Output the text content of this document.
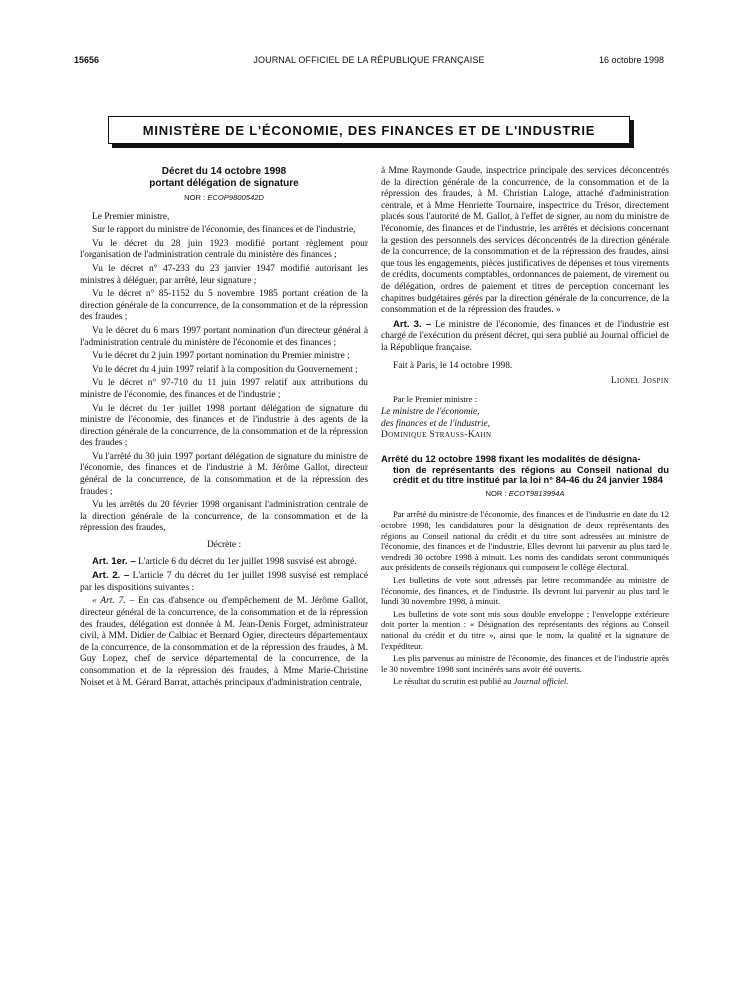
15656	JOURNAL OFFICIEL DE LA RÉPUBLIQUE FRANÇAISE	16 octobre 1998
MINISTÈRE DE L'ÉCONOMIE, DES FINANCES ET DE L'INDUSTRIE
Décret du 14 octobre 1998
portant délégation de signature
NOR : ECOP9800542D

Le Premier ministre,

Sur le rapport du ministre de l'économie, des finances et de l'industrie,

Vu le décret du 28 juin 1923 modifié portant règlement pour l'organisation de l'administration centrale du ministère des finances ;

Vu le décret n° 47-233 du 23 janvier 1947 modifié autorisant les ministres à déléguer, par arrêté, leur signature ;

Vu le décret n° 85-1152 du 5 novembre 1985 portant création de la direction générale de la concurrence, de la consommation et de la répression des fraudes ;

Vu le décret du 6 mars 1997 portant nomination d'un directeur général à l'administration centrale du ministère de l'économie et des finances ;

Vu le décret du 2 juin 1997 portant nomination du Premier ministre ;

Vu le décret du 4 juin 1997 relatif à la composition du Gouvernement ;

Vu le décret n° 97-710 du 11 juin 1997 relatif aux attributions du ministre de l'économie, des finances et de l'industrie ;

Vu le décret du 1er juillet 1998 portant délégation de signature du ministre de l'économie, des finances et de l'industrie à des agents de la direction générale de la concurrence, de la consommation et de la répression des fraudes ;

Vu l'arrêté du 30 juin 1997 portant délégation de signature du ministre de l'économie, des finances et de l'industrie à M. Jérôme Gallot, directeur général de la concurrence, de la consommation et de la répression des fraudes ;

Vu les arrêtés du 20 février 1998 organisant l'administration centrale de la direction générale de la concurrence, de la consommation et de la répression des fraudes,

Décrète :

Art. 1er. – L'article 6 du décret du 1er juillet 1998 susvisé est abrogé.

Art. 2. – L'article 7 du décret du 1er juillet 1998 susvisé est remplacé par les dispositions suivantes :

« Art. 7. – En cas d'absence ou d'empêchement de M. Jérôme Gallot, directeur général de la concurrence, de la consommation et de la répression des fraudes, délégation est donnée à M. Jean-Denis Forget, administrateur civil, à MM. Didier de Calbiac et Bernard Ogier, directeurs départementaux de la concurrence, de la consommation et de la répression des fraudes, à M. Guy Lopez, chef de service départemental de la concurrence, de la consommation et de la répression des fraudes, à Mme Marie-Christine Noiset et à M. Gérard Barrat, attachés principaux d'administration centrale,

à Mme Raymonde Gaude, inspectrice principale des services déconcentrés de la direction générale de la concurrence, de la consommation et de la répression des fraudes, à M. Christian Laloge, attaché d'administration centrale, et à Mme Henriette Tournaire, inspectrice du Trésor, directement placés sous l'autorité de M. Gallot, à l'effet de signer, au nom du ministre de l'économie, des finances et de l'industrie, les arrêtés et décisions concernant la gestion des personnels des services déconcentrés de la direction générale de la concurrence, de la consommation et de la répression des fraudes, ainsi que tous les engagements, pièces justificatives de dépenses et tous virements de crédits, documents comptables, ordonnances de paiement, de virement ou de délégation, ordres de paiement et titres de perception concernant les chapitres budgétaires gérés par la direction générale de la concurrence, de la consommation et de la répression des fraudes. »

Art. 3. – Le ministre de l'économie, des finances et de l'industrie est chargé de l'exécution du présent décret, qui sera publié au Journal officiel de la République française.

Fait à Paris, le 14 octobre 1998.

Lionel Jospin

Par le Premier ministre :

Le ministre de l'économie,

des finances et de l'industrie,

Dominique Strauss-Kahn

Arrêté du 12 octobre 1998 fixant les modalités de désigna-
tion de représentants des régions au Conseil national du crédit et du titre institué par la loi n° 84-46 du 24 janvier 1984
NOR : ECOT9813994A

Par arrêté du ministre de l'économie, des finances et de l'industrie en date du 12 octobre 1998, les candidatures pour la désignation de deux représentants des régions au Conseil national du crédit et du titre sont adressées au ministre de l'économie, des finances et de l'industrie. Elles devront lui parvenir au plus tard le vendredi 30 octobre 1998 à minuit. Les noms des candidats seront communiqués aux présidents de conseils régionaux qui composent le collège électoral.

Les bulletins de vote sont adressés par lettre recommandée au ministre de l'économie, des finances, et de l'industrie. Ils devront lui parvenir au plus tard le lundi 30 novembre 1998, à minuit.

Les bulletins de vote sont mis sous double enveloppe ; l'enveloppe extérieure doit porter la mention : « Désignation des représentants des régions au Conseil national du crédit et du titre », ainsi que le nom, la qualité et la signature de l'expéditeur.

Les plis parvenus au ministre de l'économie, des finances et de l'industrie après le 30 novembre 1998 sont incinérés sans avoir été ouverts.

Le résultat du scrutin est publié au Journal officiel.
